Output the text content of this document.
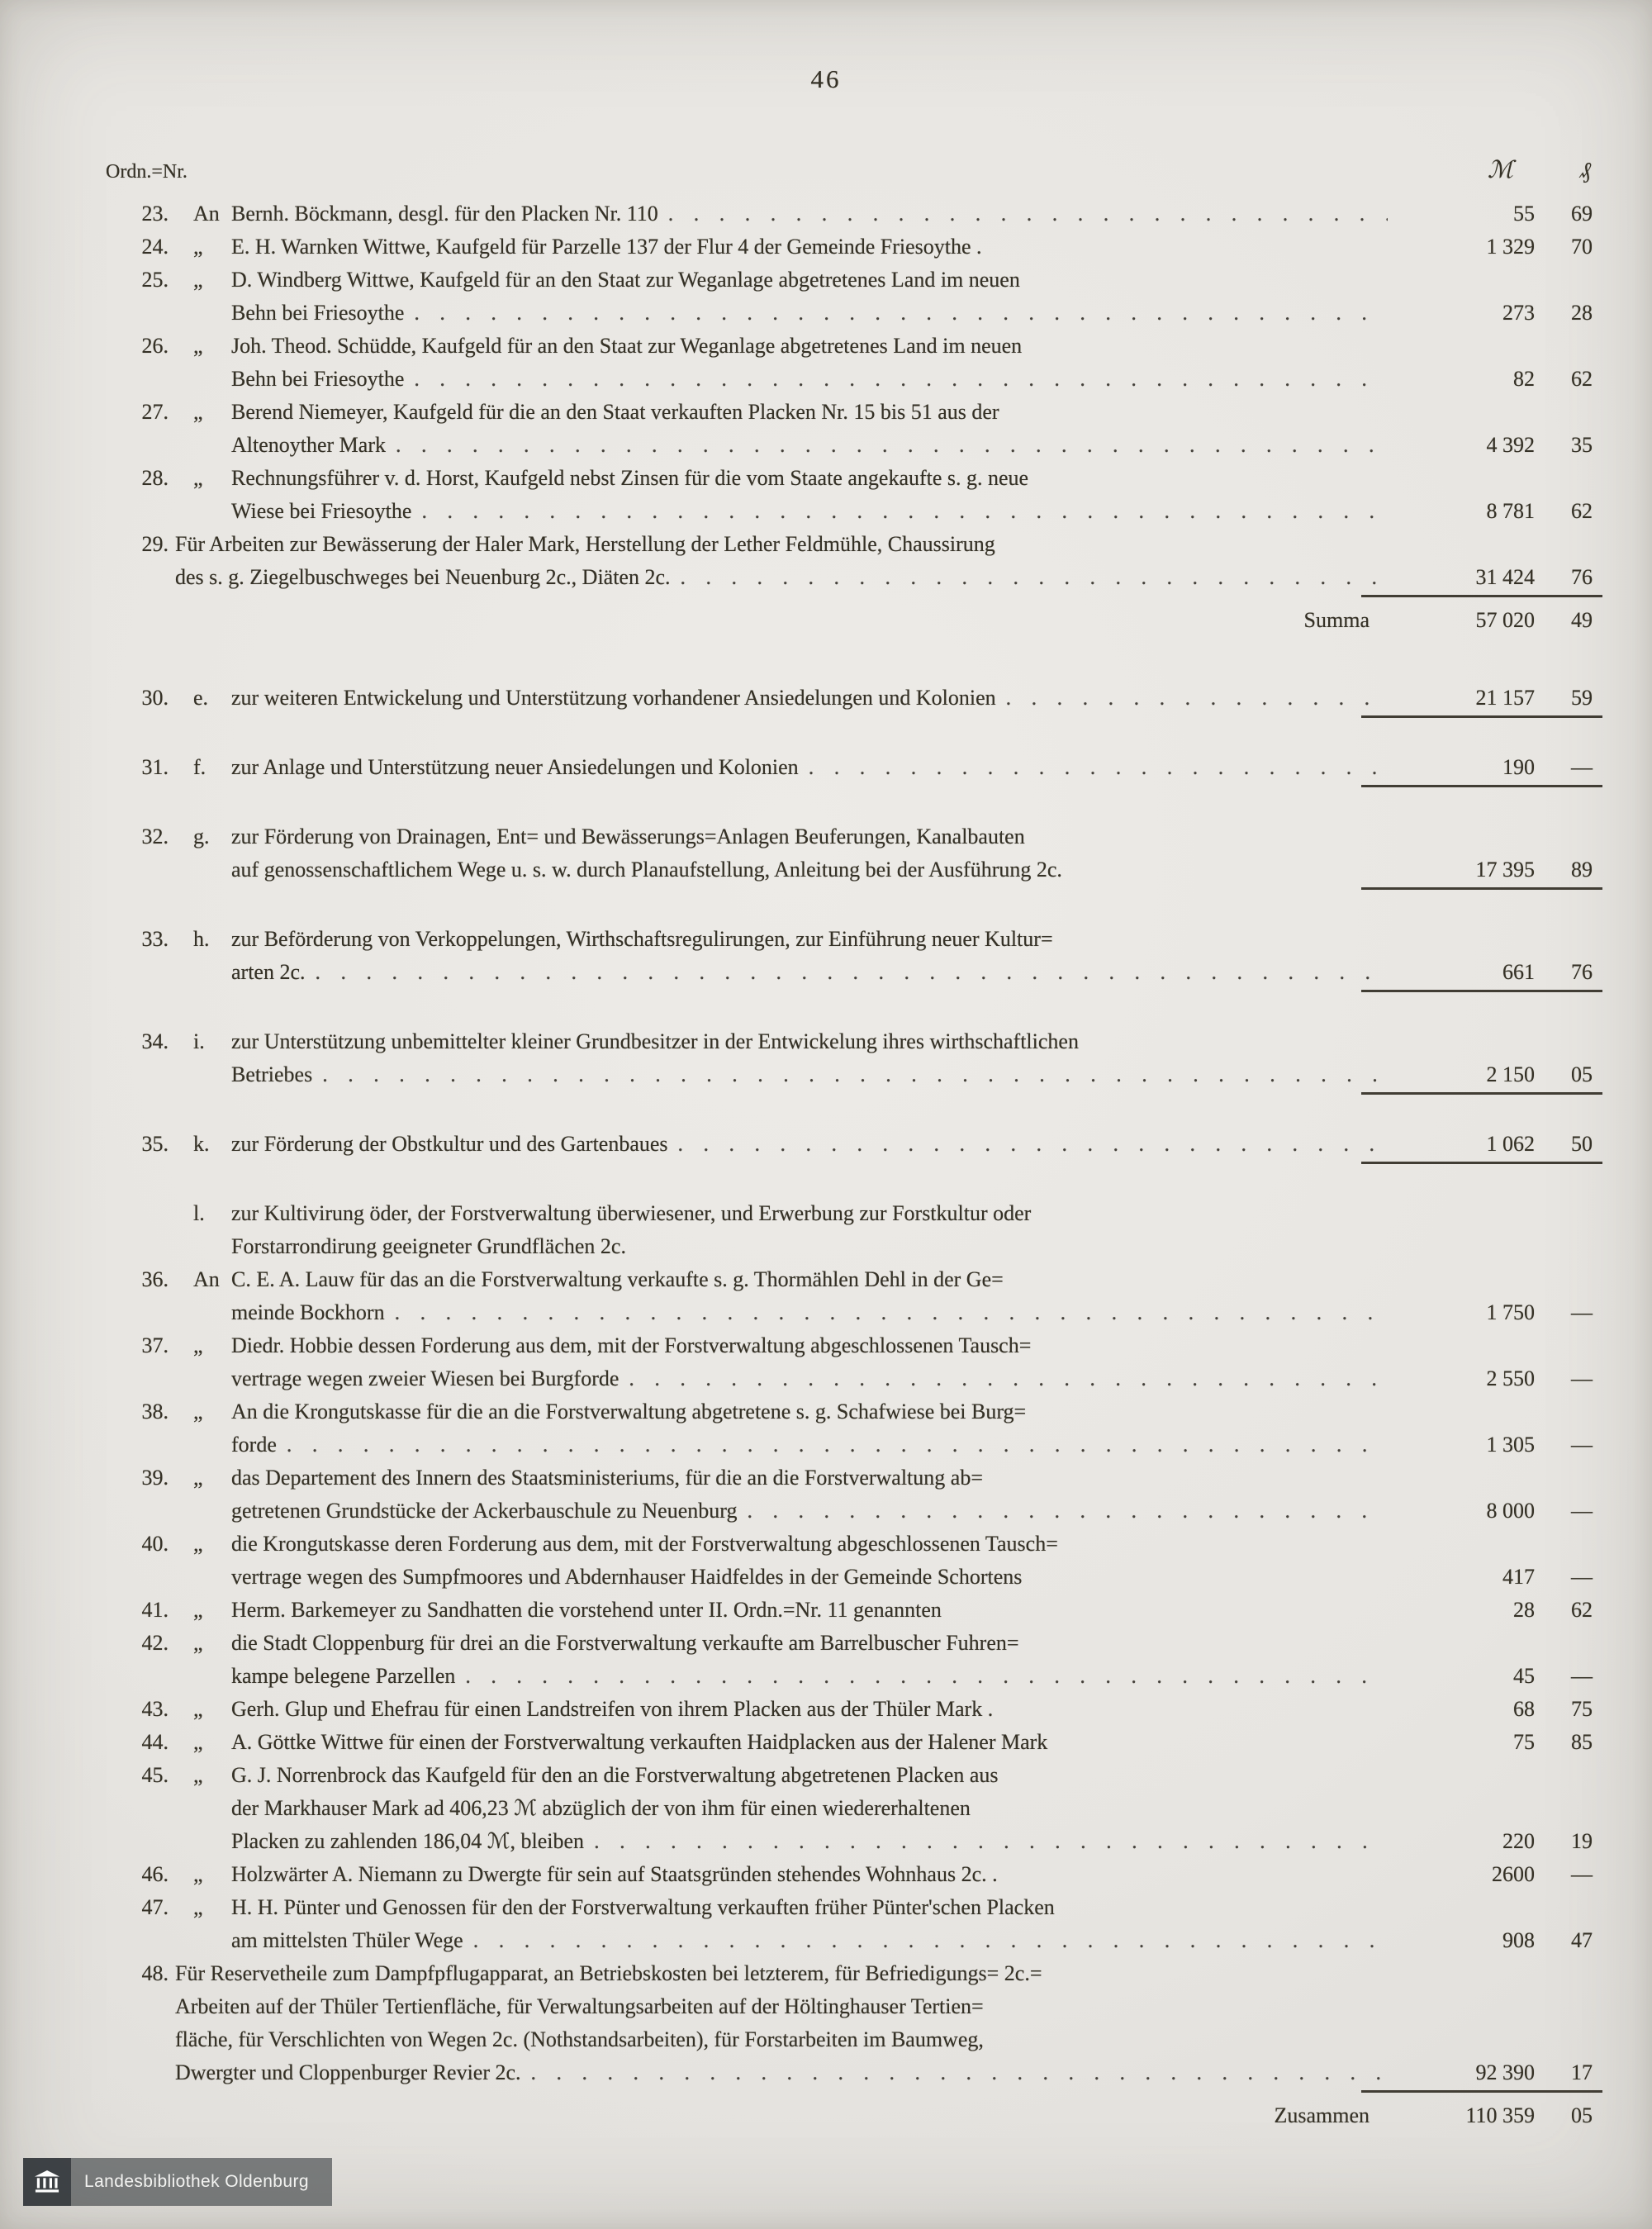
46
Ordn.=Nr.	ℳ	₰
23.	An Bernh. Böckmann, desgl. für den Placken Nr. 110 . . .	55	69
24.	„	E. H. Warnken Wittwe, Kaufgeld für Parzelle 137 der Flur 4 der Gemeinde Friesoythe .	1 329	70
25.	„	D. Windberg Wittwe, Kaufgeld für an den Staat zur Weganlage abgetretenes Land im neuen
Behn bei Friesoythe . . .	273	28
26.	„	Joh. Theod. Schüdde, Kaufgeld für an den Staat zur Weganlage abgetretenes Land im neuen
Behn bei Friesoythe . . .	82	62
27.	„	Berend Niemeyer, Kaufgeld für die an den Staat verkauften Placken Nr. 15 bis 51 aus der
Altenoyther Mark . . .	4 392	35
28.	„	Rechnungsführer v. d. Horst, Kaufgeld nebst Zinsen für die vom Staate angekaufte s. g. neue
Wiese bei Friesoythe . . .	8 781	62
29. Für Arbeiten zur Bewässerung der Haler Mark, Herstellung der Lether Feldmühle, Chaussirung
des s. g. Ziegelbuschweges bei Neuenburg 2c., Diäten 2c. . . .	31 424	76
Summa	57 020	49
30.	e.	zur weiteren Entwickelung und Unterstützung vorhandener Ansiedelungen und Kolonien . . .	21 157	59
31.	f.	zur Anlage und Unterstützung neuer Ansiedelungen und Kolonien . . .	190	—
32.	g.	zur Förderung von Drainagen, Ent= und Bewässerungs=Anlagen Beuferungen, Kanalbauten
auf genossenschaftlichem Wege u. s. w. durch Planaufstellung, Anleitung bei der Ausführung 2c.	17 395	89
33.	h.	zur Beförderung von Verkoppelungen, Wirthschaftsregulirungen, zur Einführung neuer Kultur=
arten 2c. . . .	661	76
34.	i.	zur Unterstützung unbemittelter kleiner Grundbesitzer in der Entwickelung ihres wirthschaftlichen
Betriebes . . .	2 150	05
35.	k.	zur Förderung der Obstkultur und des Gartenbaues . . .	1 062	50
l.	zur Kultivirung öder, der Forstverwaltung überwiesener, und Erwerbung zur Forstkultur oder
Forstarrondirung geeigneter Grundflächen 2c.
36.	An C. E. A. Lauw für das an die Forstverwaltung verkaufte s. g. Thormählen Dehl in der Ge=
meinde Bockhorn . . .	1 750	—
37.	„	Diedr. Hobbie dessen Forderung aus dem, mit der Forstverwaltung abgeschlossenen Tausch=
vertrage wegen zweier Wiesen bei Burgforde . . .	2 550	—
38.	„	An die Krongutskasse für die an die Forstverwaltung abgetretene s. g. Schafwiese bei Burg=
forde . . .	1 305	—
39.	„	das Departement des Innern des Staatsministeriums, für die an die Forstverwaltung ab=
getretenen Grundstücke der Ackerbauschule zu Neuenburg . . .	8 000	—
40.	„	die Krongutskasse deren Forderung aus dem, mit der Forstverwaltung abgeschlossenen Tausch=
vertrage wegen des Sumpfmoores und Abdernhauser Haidfeldes in der Gemeinde Schortens	417	—
41.	„	Herm. Barkemeyer zu Sandhatten die vorstehend unter II. Ordn.=Nr. 11 genannten	28	62
42.	„	die Stadt Cloppenburg für drei an die Forstverwaltung verkaufte am Barrelbuscher Fuhren=
kampe belegene Parzellen . . .	45	—
43.	„	Gerh. Glup und Ehefrau für einen Landstreifen von ihrem Placken aus der Thüler Mark .	68	75
44.	„	A. Göttke Wittwe für einen der Forstverwaltung verkauften Haidplacken aus der Halener Mark	75	85
45.	„	G. J. Norrenbrock das Kaufgeld für den an die Forstverwaltung abgetretenen Placken aus
der Markhauser Mark ad 406,23 ℳ abzüglich der von ihm für einen wiedererhaltenen
Placken zu zahlenden 186,04 ℳ, bleiben . . .	220	19
46.	„	Holzwärter A. Niemann zu Dwergte für sein auf Staatsgründen stehendes Wohnhaus 2c. .	2600	—
47.	„	H. H. Pünter und Genossen für den der Forstverwaltung verkauften früher Pünter'schen Placken
am mittelsten Thüler Wege . . .	908	47
48. Für Reservetheile zum Dampfpflugapparat, an Betriebskosten bei letzterem, für Befriedigungs= 2c.=
Arbeiten auf der Thüler Tertienfläche, für Verwaltungsarbeiten auf der Höltinghauser Tertien=
fläche, für Verschlichten von Wegen 2c. (Nothstandsarbeiten), für Forstarbeiten im Baumweg,
Dwergter und Cloppenburger Revier 2c. . . .	92 390	17
Zusammen	110 359	05
Landesbibliothek Oldenburg
